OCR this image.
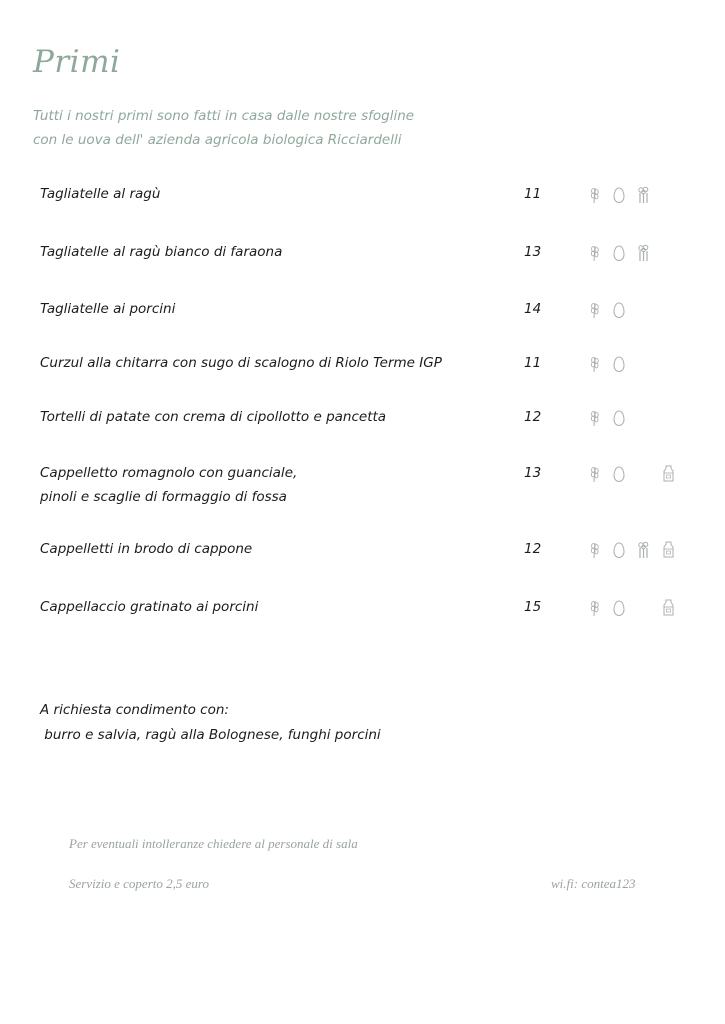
Primi
Tutti i nostri primi sono fatti in casa dalle nostre sfogline
con le uova dell' azienda agricola biologica Ricciardelli
Tagliatelle al ragù	11
Tagliatelle al ragù bianco di faraona	13
Tagliatelle ai porcini	14
Curzul alla chitarra con sugo di scalogno di Riolo Terme IGP	11
Tortelli di patate con crema di cipollotto e pancetta	12
Cappelletto romagnolo con guanciale,
pinoli e scaglie di formaggio di fossa
13
Cappelletti in brodo di cappone	12
Cappellaccio gratinato ai porcini	15
A richiesta condimento con:
burro e salvia, ragù alla Bolognese, funghi porcini
Per eventuali intolleranze chiedere al personale di sala
Servizio e coperto 2,5 euro	wi.fi: contea123
